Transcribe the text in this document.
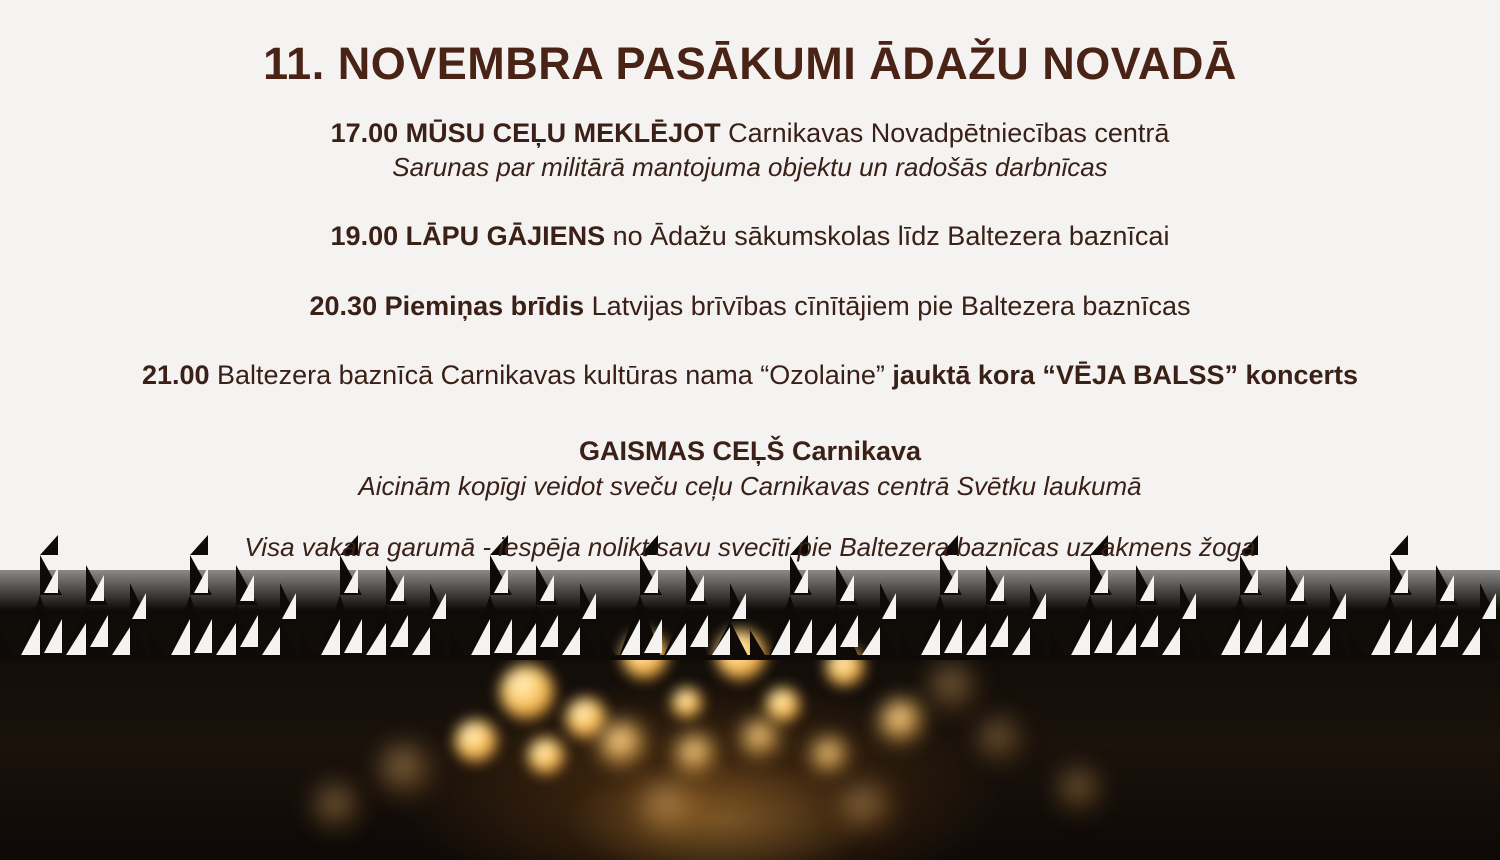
11. NOVEMBRA PASĀKUMI ĀDAŽU NOVADĀ
17.00 MŪSU CEĻU MEKLĒJOT Carnikavas Novadpētniecības centrā
Sarunas par militārā mantojuma objektu un radošās darbnīcas
19.00 LĀPU GĀJIENS no Ādažu sākumskolas līdz Baltezera baznīcai
20.30 Piemiņas brīdis Latvijas brīvības cīnītājiem pie Baltezera baznīcas
21.00 Baltezera baznīcā Carnikavas kultūras nama “Ozolaine” jauktā kora “VĒJA BALSS” koncerts
GAISMAS CEĻŠ Carnikava
Aicinām kopīgi veidot sveču ceļu Carnikavas centrā Svētku laukumā
Visa vakara garumā - iespēja nolikt savu svecīti pie Baltezera baznīcas uz akmens žoga
